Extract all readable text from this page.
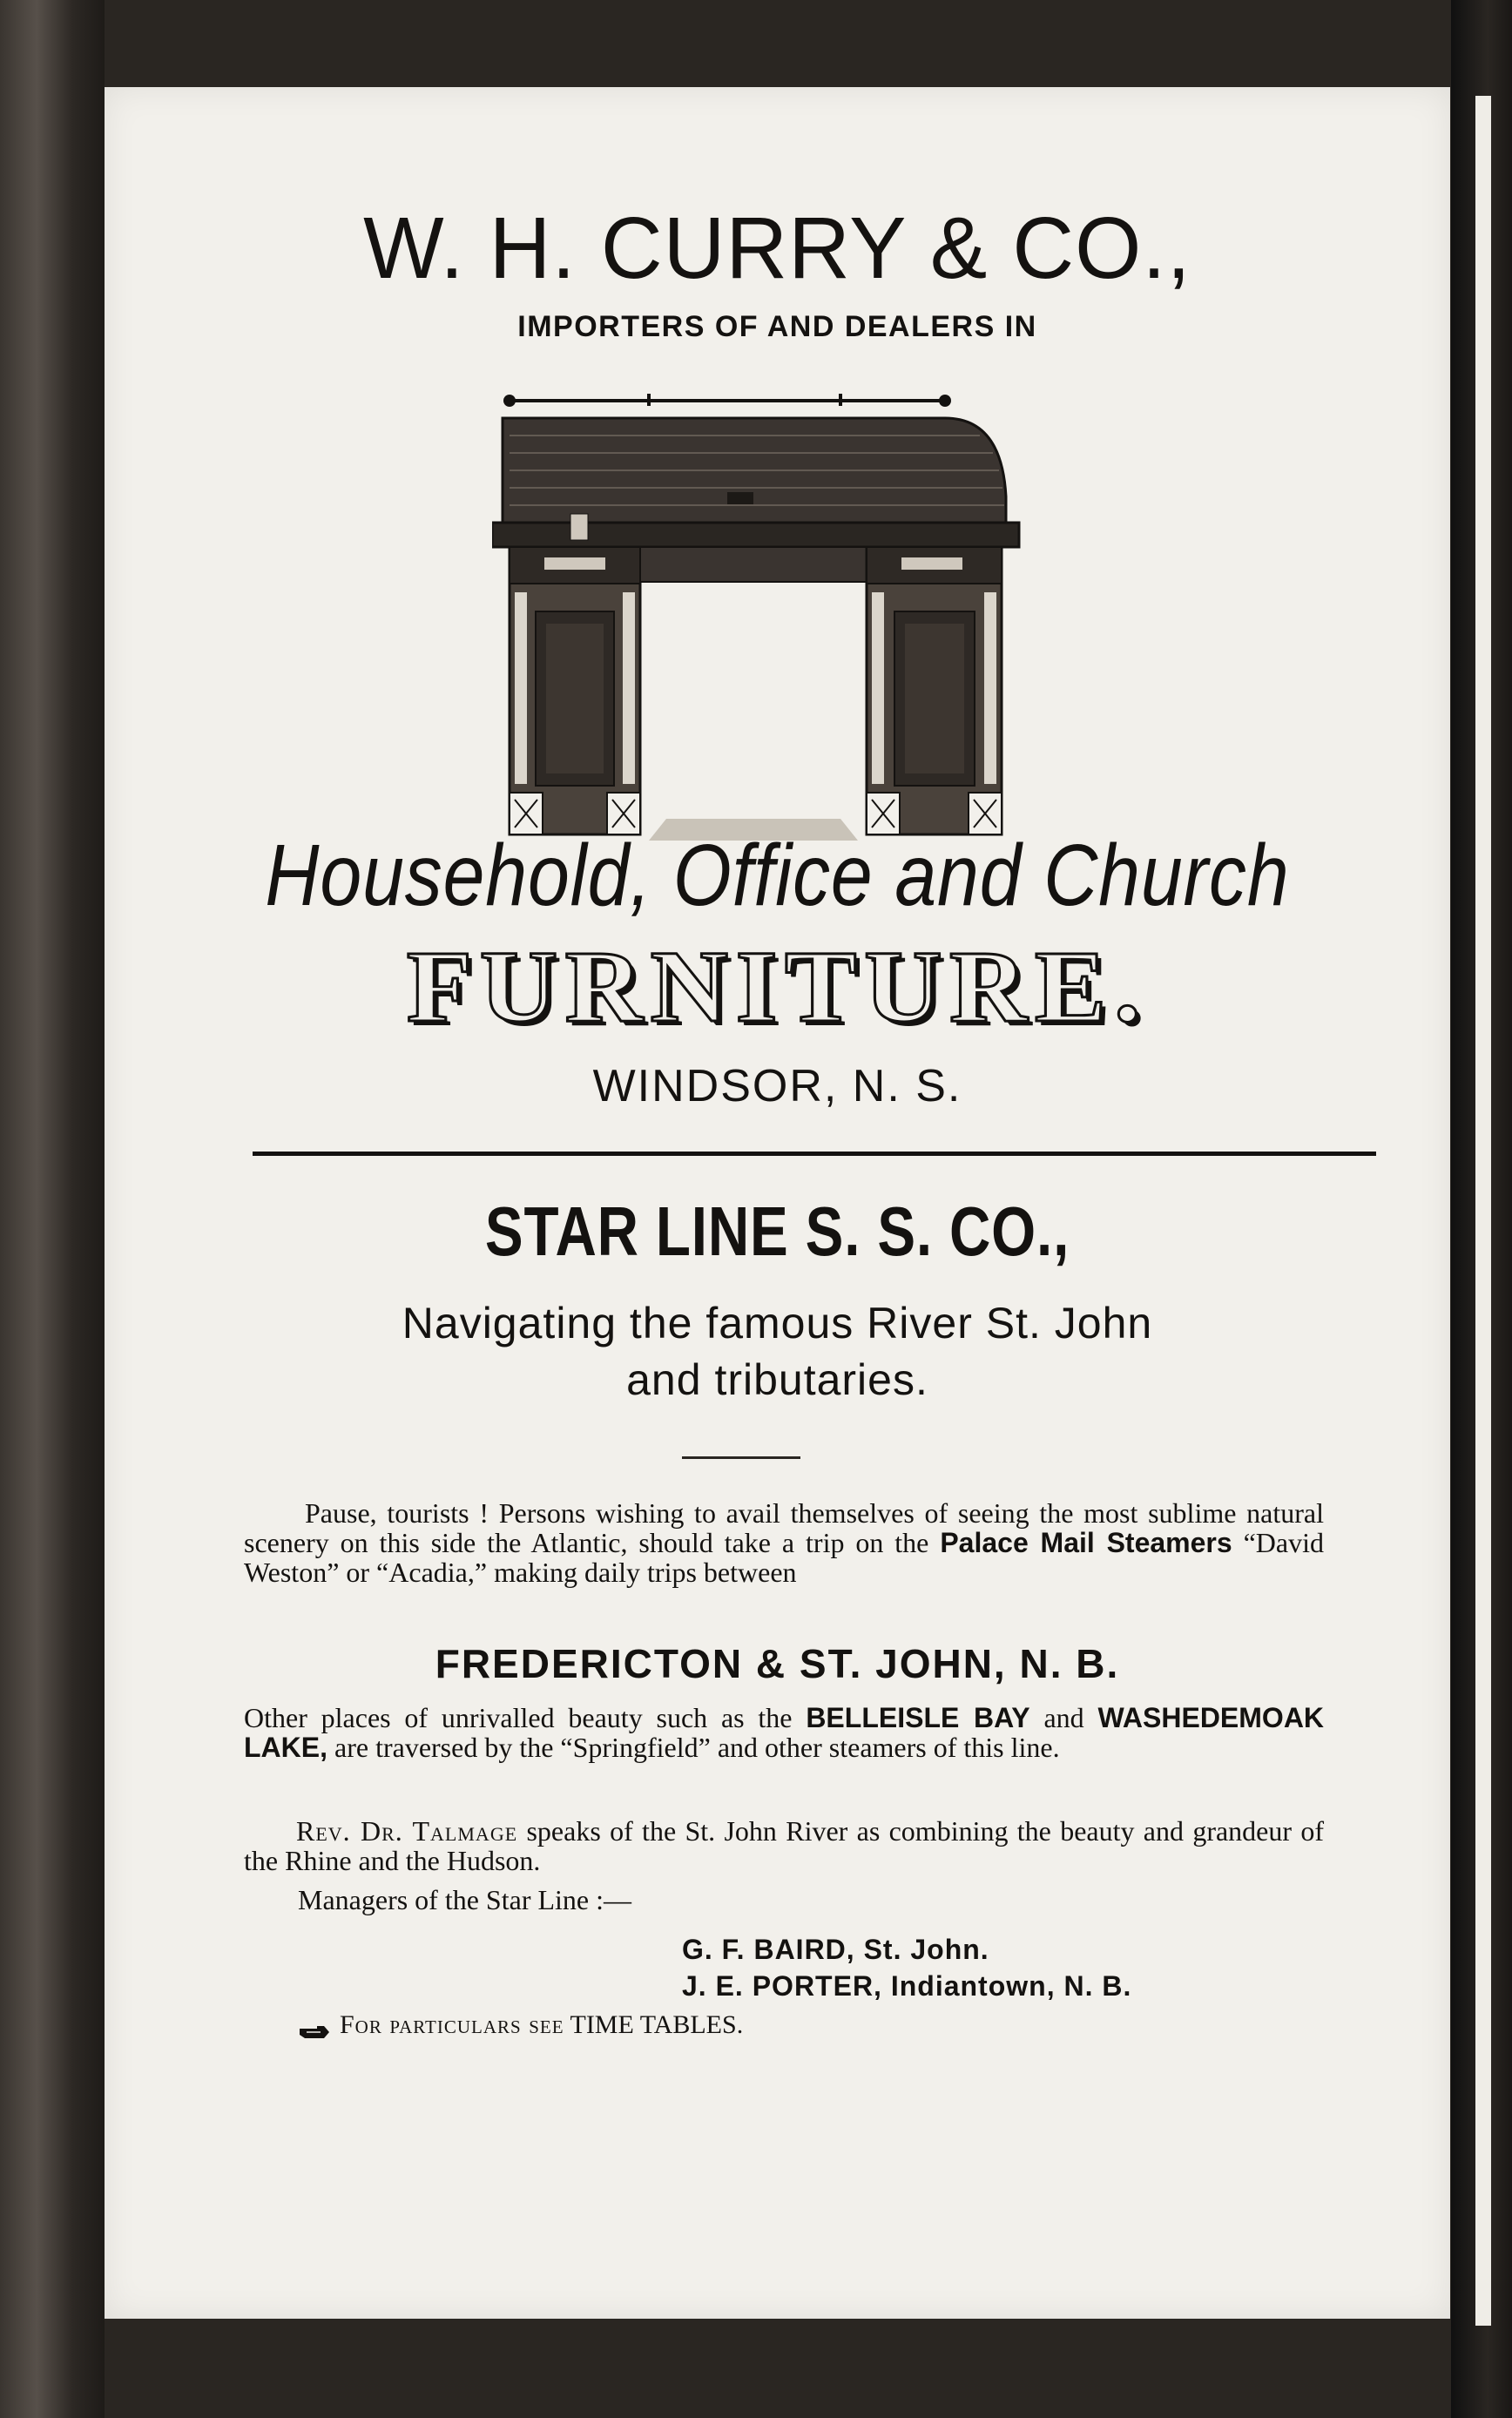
W. H. CURRY & CO.,
IMPORTERS OF AND DEALERS IN
Household, Office and Church
FURNITURE.
WINDSOR, N. S.
STAR LINE S. S. CO.,
Navigating the famous River St. John
and tributaries.
Pause, tourists ! Persons wishing to avail themselves of seeing the most sublime natural scenery on this side the Atlantic, should take a trip on the Palace Mail Steamers “David Weston” or “Acadia,” making daily trips between
FREDERICTON & ST. JOHN, N. B.
Other places of unrivalled beauty such as the BELLEISLE BAY and WASHEDEMOAK LAKE, are traversed by the “Springfield” and other steamers of this line.
Rev. Dr. Talmage speaks of the St. John River as combining the beauty and grandeur of the Rhine and the Hudson.
Managers of the Star Line :—
G. F. BAIRD, St. John.
J. E. PORTER, Indiantown, N. B.
For particulars see TIME TABLES.
